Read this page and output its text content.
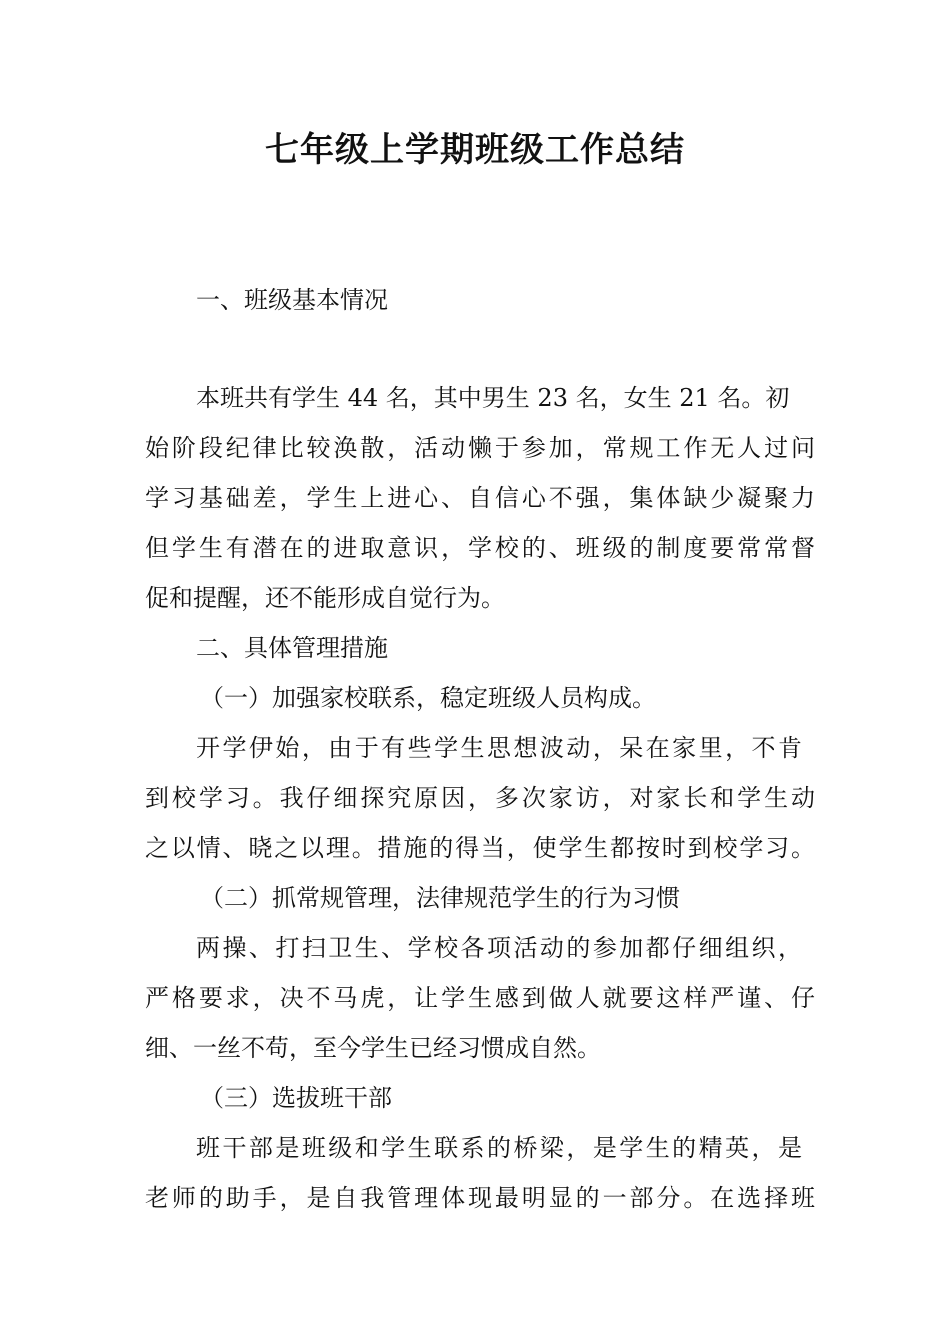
七年级上学期班级工作总结
一、班级基本情况
本班共有学生 44 名，其中男生 23 名，女生 21 名。初
始阶段纪律比较涣散，活动懒于参加，常规工作无人过问
学习基础差，学生上进心、自信心不强，集体缺少凝聚力
但学生有潜在的进取意识，学校的、班级的制度要常常督
促和提醒，还不能形成自觉行为。
二、具体管理措施
（一）加强家校联系，稳定班级人员构成。
开学伊始，由于有些学生思想波动，呆在家里，不肯
到校学习。我仔细探究原因，多次家访，对家长和学生动
之以情、晓之以理。措施的得当，使学生都按时到校学习。
（二）抓常规管理，法律规范学生的行为习惯
两操、打扫卫生、学校各项活动的参加都仔细组织，
严格要求，决不马虎，让学生感到做人就要这样严谨、仔
细、一丝不苟，至今学生已经习惯成自然。
（三）选拔班干部
班干部是班级和学生联系的桥梁，是学生的精英，是
老师的助手，是自我管理体现最明显的一部分。在选择班
